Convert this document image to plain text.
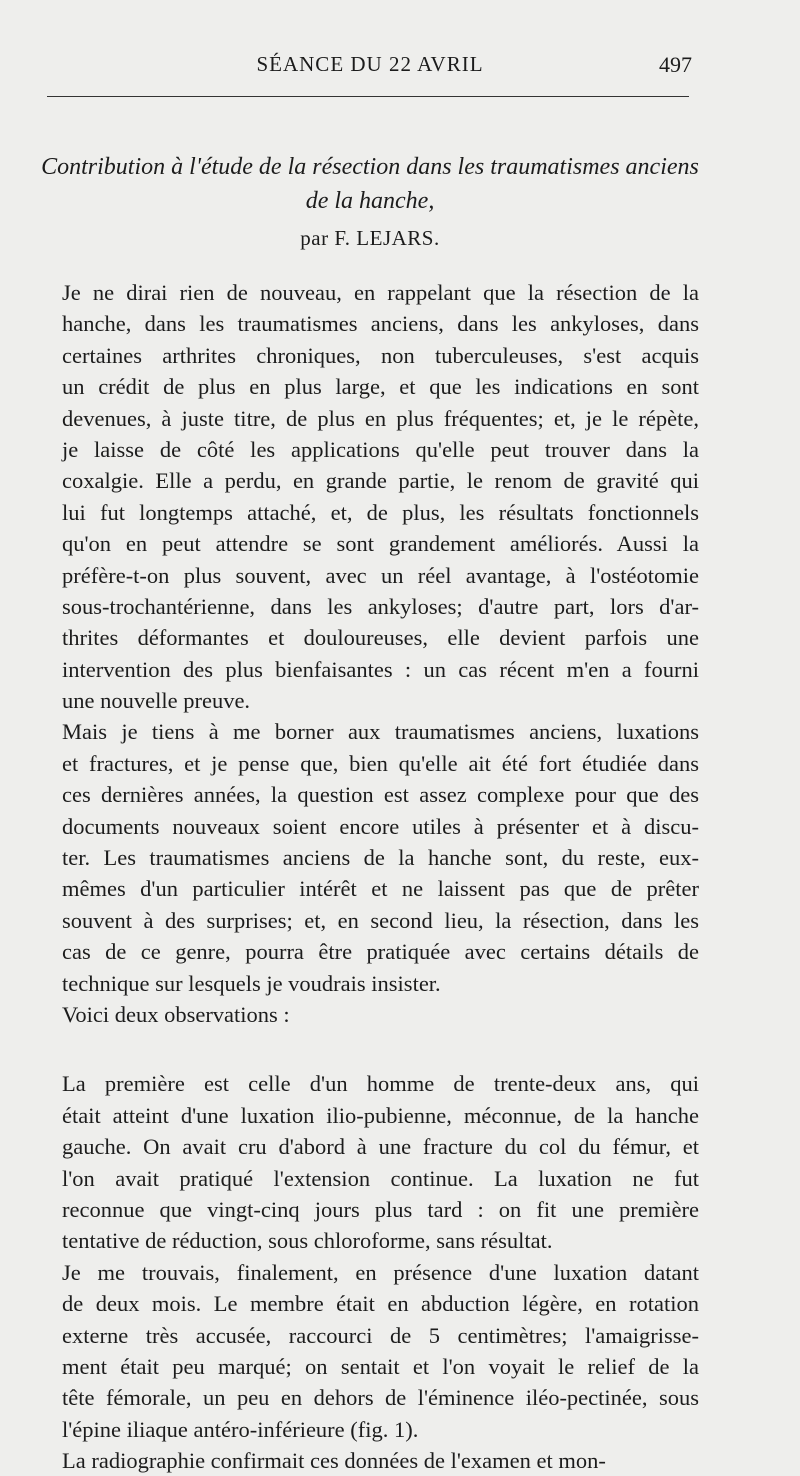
SÉANCE DU 22 AVRIL	497
Contribution à l'étude de la résection dans les traumatismes anciens
de la hanche,
par F. LEJARS.
Je ne dirai rien de nouveau, en rappelant que la résection de la
hanche, dans les traumatismes anciens, dans les ankyloses, dans
certaines arthrites chroniques, non tuberculeuses, s'est acquis
un crédit de plus en plus large, et que les indications en sont
devenues, à juste titre, de plus en plus fréquentes; et, je le répète,
je laisse de côté les applications qu'elle peut trouver dans la
coxalgie. Elle a perdu, en grande partie, le renom de gravité qui
lui fut longtemps attaché, et, de plus, les résultats fonctionnels
qu'on en peut attendre se sont grandement améliorés. Aussi la
préfère-t-on plus souvent, avec un réel avantage, à l'ostéotomie
sous-trochantérienne, dans les ankyloses; d'autre part, lors d'ar-
thrites déformantes et douloureuses, elle devient parfois une
intervention des plus bienfaisantes : un cas récent m'en a fourni
une nouvelle preuve.
Mais je tiens à me borner aux traumatismes anciens, luxations
et fractures, et je pense que, bien qu'elle ait été fort étudiée dans
ces dernières années, la question est assez complexe pour que des
documents nouveaux soient encore utiles à présenter et à discu-
ter. Les traumatismes anciens de la hanche sont, du reste, eux-
mêmes d'un particulier intérêt et ne laissent pas que de prêter
souvent à des surprises; et, en second lieu, la résection, dans les
cas de ce genre, pourra être pratiquée avec certains détails de
technique sur lesquels je voudrais insister.
Voici deux observations :
La première est celle d'un homme de trente-deux ans, qui
était atteint d'une luxation ilio-pubienne, méconnue, de la hanche
gauche. On avait cru d'abord à une fracture du col du fémur, et
l'on avait pratiqué l'extension continue. La luxation ne fut
reconnue que vingt-cinq jours plus tard : on fit une première
tentative de réduction, sous chloroforme, sans résultat.
Je me trouvais, finalement, en présence d'une luxation datant
de deux mois. Le membre était en abduction légère, en rotation
externe très accusée, raccourci de 5 centimètres; l'amaigrisse-
ment était peu marqué; on sentait et l'on voyait le relief de la
tête fémorale, un peu en dehors de l'éminence iléo-pectinée, sous
l'épine iliaque antéro-inférieure (fig. 1).
La radiographie confirmait ces données de l'examen et mon-
